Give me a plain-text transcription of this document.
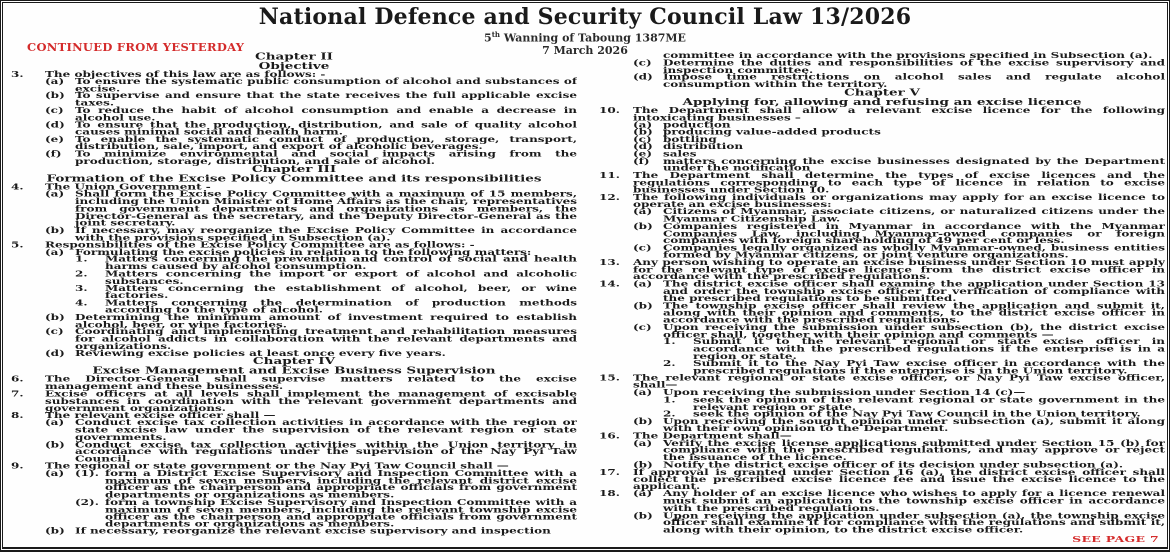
National Defence and Security Council Law 13/2026
5th Wanning of Taboung 1387ME
7 March 2026
CONTINUED FROM YESTERDAY
Chapter II
Objective
3.	The objectives of this law are as follows: -
(a) To ensure the systematic public consumption of alcohol and substances of excise.
(b) To supervise and ensure that the state receives the full applicable excise taxes.
(c) To reduce the habit of alcohol consumption and enable a decrease in alcohol use.
(d) To ensure that the production, distribution, and sale of quality alcohol causes minimal social and health harm.
(e) To enable the systematic conduct of production, storage, transport, distribution, sale, import, and export of alcoholic beverages.
(f)	To minimize environmental and social impacts arising from the production, storage, distribution, and sale of alcohol.
Chapter III
Formation of the Excise Policy Committee and its responsibilities
4.	The Union Government -
(a) Shall form the Excise Policy Committee with a maximum of 15 members, including the Union Minister of Home Affairs as the chair, representatives from government departments and organizations as members, the Director-General as the secretary, and the Deputy Director-General as the joint secretary.
(b) If necessary, may reorganize the Excise Policy Committee in accordance with the provisions specified in Subsection (a).
5.	Responsibilities of the Excise Policy Committee are as follows: -
(a) Formulating the excise policies in relation to the following matters:
1.	Matters concerning the prevention and control of social and health harms caused by alcohol consumption.
2.	Matters concerning the import or export of alcohol and alcoholic substances.
3.	Matters concerning the establishment of alcohol, beer, or wine factories.
4.	Matters concerning the determination of production methods according to the type of alcohol.
(b) Determining the minimum amount of investment required to establish alcohol, beer, or wine factories.
(c) Coordinating and implementing treatment and rehabilitation measures for alcohol addicts in collaboration with the relevant departments and organizations.
(d) Reviewing excise policies at least once every five years.
Chapter IV
Excise Management and Excise Business Supervision
6.	The Director-General shall supervise matters related to the excise management and these businesses.
7.	Excise officers at all levels shall implement the management of excisable substances in coordination with the relevant government departments and government organizations.
8.	The relevant excise officer shall —
(a) Conduct excise tax collection activities in accordance with the region or state excise law under the supervision of the relevant region or state governments.
(b) Conduct excise tax collection activities within the Union territory in accordance with regulations under the supervision of the Nay Pyi Taw Council.
9.	The regional or state government or the Nay Pyi Taw Council shall —
(a) (1). form a District Excise Supervisory and Inspection Committee with a maximum of seven members, including the relevant district excise officer as the chairperson and appropriate officials from government departments or organizations as members.
(2). form a township Excise Supervisory and Inspection Committee with a maximum of seven members, including the relevant township excise officer as the chairperson and appropriate officials from government departments or organizations as members.
(b) If necessary, reorganize the relevant excise supervisory and inspection
committee in accordance with the provisions specified in Subsection (a).
(c) Determine the duties and responsibilities of the excise supervisory and inspection committee.
(d) Impose time restrictions on alcohol sales and regulate alcohol consumption within the territory.
Chapter V
Applying for, allowing and refusing an excise licence
10.	The Department shall allow a relevant excise licence for the following intoxicating businesses –
(a) poduction
(b) producing value-added products
(c) bottling
(d) distribution
(e) sales
(f)	matters concerning the excise businesses designated by the Department under the notification
11.	The Department shall determine the types of excise licences and the regulations corresponding to each type of licence in relation to excise businesses under Section 10.
12.	The following individuals or organizations may apply for an excise licence to operate an excise businesses:
(a) Citizens of Myanmar, associate citizens, or naturalized citizens under the Myanmar Citizenship Law.
(b) Companies registered in Myanmar in accordance with the Myanmar Companies Law, including Myanmar-owned companies or foreign companies with foreign shareholding of 49 per cent or less.
(c) Companies legally organized as wholly Myanmar-owned, business entities formed by Myanmar citizens, or joint venture organizations.
13.	Any person wishing to operate an excise business under Section 10 must apply for the relevant type of excise licence from the district excise officer in accordance with the prescribed regulations.
14.	(a) The district excise officer shall examine the application under Section 13 and order the township excise officer for verification of compliance with the prescribed regulations to be submitted.
(b) The township excise officer shall review the application and submit it, along with their opinion and comments, to the district excise officer in accordance with the prescribed regulations.
(c) Upon receiving the submission under subsection (b), the district excise officer shall, together with their opinion and comments —
1.	Submit it to the relevant regional or state excise officer in accordance with the prescribed regulations if the enterprise is in a region or state.
2.	Submit it to the Nay Pyi Taw excise officer in accordance with the prescribed regulations if the enterprise is in the Union territory.
15.	The relevant regional or state excise officer, or Nay Pyi Taw excise officer, shall—
(a) Upon receiving the submission under Section 14 (c)—
1.	seek the opinion of the relevant regional or state government in the relevant region or state.
2.	seek the opinion of the Nay Pyi Taw Council in the Union territory.
(b) Upon receiving the sought opinion under subsection (a), submit it along with their own opinion to the Department.
16.	The Department shall—
(a) Verify the excise license applications submitted under Section 15 (b) for compliance with the prescribed regulations, and may approve or reject the issuance of the licence.
(b) Notify the district excise officer of its decision under subsection (a).
17.	If approval is granted under Section 16 (a), the district excise officer shall collect the prescribed excise licence fee and issue the excise licence to the applicant.
18.	(a) Any holder of an excise licence who wishes to apply for a licence renewal must submit an application to the township excise officer in accordance with the prescribed regulations.
(b) Upon receiving the application under subsection (a), the township excise officer shall examine it for compliance with the regulations and submit it, along with their opinion, to the district excise officer.
SEE PAGE 7
